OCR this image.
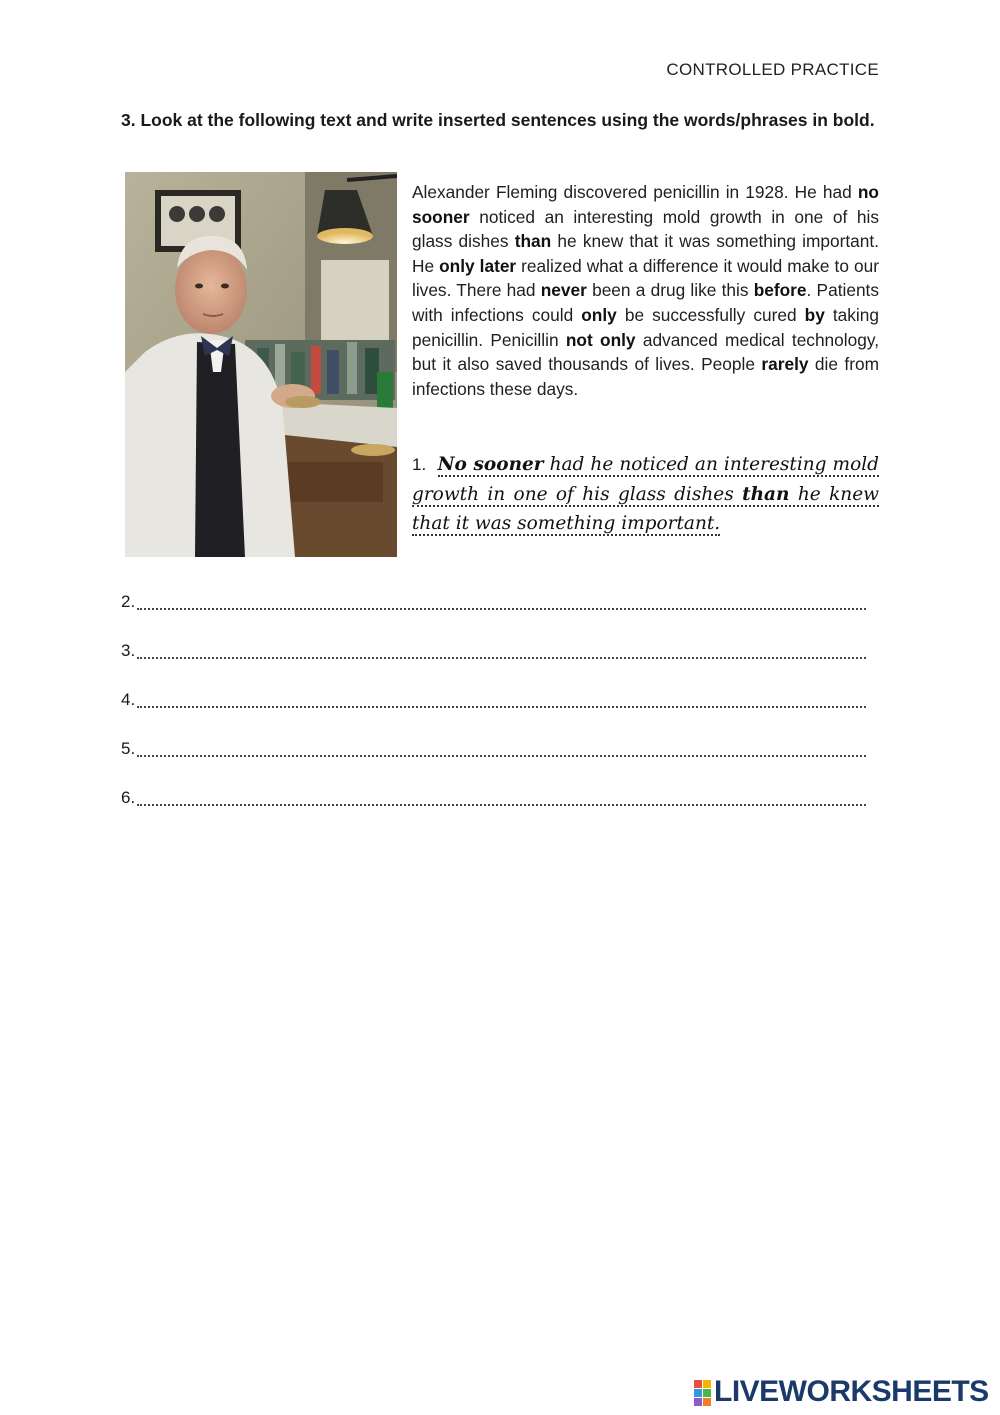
CONTROLLED PRACTICE
3. Look at the following text and write inserted sentences using the words/phrases in bold.
Alexander Fleming discovered penicillin in 1928. He had no sooner noticed an interesting mold growth in one of his glass dishes than he knew that it was something important. He only later realized what a difference it would make to our lives. There had never been a drug like this before. Patients with infections could only be successfully cured by taking penicillin. Penicillin not only advanced medical technology, but it also saved thousands of lives. People rarely die from infections these days.
1. No sooner had he noticed an interesting mold growth in one of his glass dishes than he knew that it was something important.
2.
3.
4.
5.
6.
LIVEWORKSHEETS
